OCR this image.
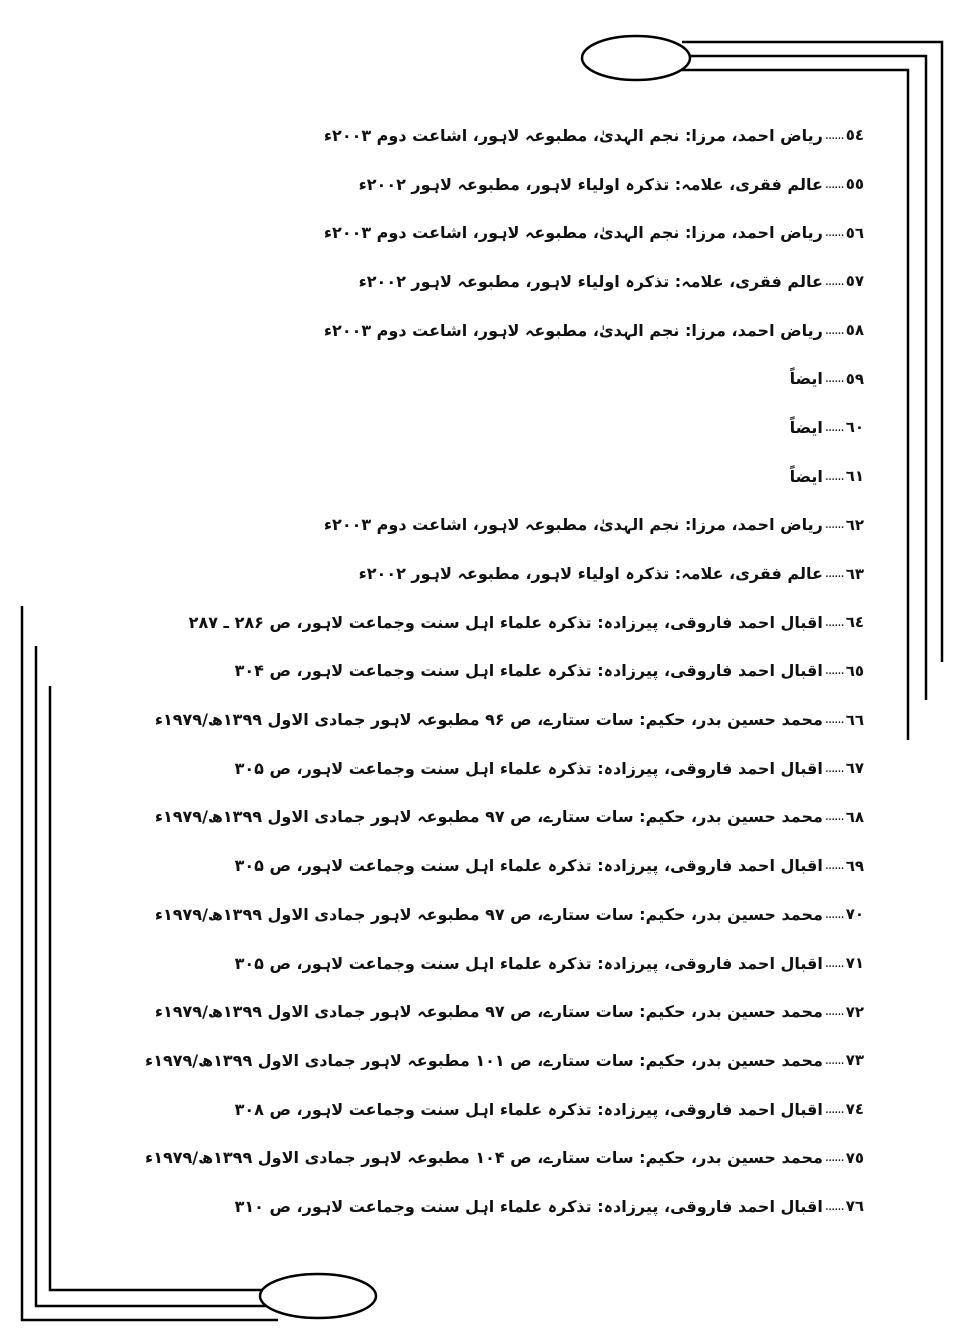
٥٤
......
ریاض احمد، مرزا: نجم الہدیٰ، مطبوعہ لاہور، اشاعت دوم ۲۰۰۳ء
٥٥
......
عالم فقری، علامہ: تذکرہ اولیاء لاہور، مطبوعہ لاہور ۲۰۰۲ء
٥٦
......
ریاض احمد، مرزا: نجم الہدیٰ، مطبوعہ لاہور، اشاعت دوم ۲۰۰۳ء
٥٧
......
عالم فقری، علامہ: تذکرہ اولیاء لاہور، مطبوعہ لاہور ۲۰۰۲ء
٥٨
......
ریاض احمد، مرزا: نجم الہدیٰ، مطبوعہ لاہور، اشاعت دوم ۲۰۰۳ء
٥٩
......
ایضاً
٦٠
......
ایضاً
٦١
......
ایضاً
٦٢
......
ریاض احمد، مرزا: نجم الہدیٰ، مطبوعہ لاہور، اشاعت دوم ۲۰۰۳ء
٦٣
......
عالم فقری، علامہ: تذکرہ اولیاء لاہور، مطبوعہ لاہور ۲۰۰۲ء
٦٤
......
اقبال احمد فاروقی، پیرزادہ: تذکرہ علماء اہل سنت وجماعت لاہور، ص ۲۸۶ ـ ۲۸۷
٦٥
......
اقبال احمد فاروقی، پیرزادہ: تذکرہ علماء اہل سنت وجماعت لاہور، ص ۳۰۴
٦٦
......
محمد حسین بدر، حکیم: سات ستارے، ص ۹۶ مطبوعہ لاہور جمادی الاول ۱۳۹۹ھ/۱۹۷۹ء
٦٧
......
اقبال احمد فاروقی، پیرزادہ: تذکرہ علماء اہل سنت وجماعت لاہور، ص ۳۰۵
٦٨
......
محمد حسین بدر، حکیم: سات ستارے، ص ۹۷ مطبوعہ لاہور جمادی الاول ۱۳۹۹ھ/۱۹۷۹ء
٦٩
......
اقبال احمد فاروقی، پیرزادہ: تذکرہ علماء اہل سنت وجماعت لاہور، ص ۳۰۵
٧٠
......
محمد حسین بدر، حکیم: سات ستارے، ص ۹۷ مطبوعہ لاہور جمادی الاول ۱۳۹۹ھ/۱۹۷۹ء
٧١
......
اقبال احمد فاروقی، پیرزادہ: تذکرہ علماء اہل سنت وجماعت لاہور، ص ۳۰۵
٧٢
......
محمد حسین بدر، حکیم: سات ستارے، ص ۹۷ مطبوعہ لاہور جمادی الاول ۱۳۹۹ھ/۱۹۷۹ء
٧٣
......
محمد حسین بدر، حکیم: سات ستارے، ص ۱۰۱ مطبوعہ لاہور جمادی الاول ۱۳۹۹ھ/۱۹۷۹ء
٧٤
......
اقبال احمد فاروقی، پیرزادہ: تذکرہ علماء اہل سنت وجماعت لاہور، ص ۳۰۸
٧٥
......
محمد حسین بدر، حکیم: سات ستارے، ص ۱۰۴ مطبوعہ لاہور جمادی الاول ۱۳۹۹ھ/۱۹۷۹ء
٧٦
......
اقبال احمد فاروقی، پیرزادہ: تذکرہ علماء اہل سنت وجماعت لاہور، ص ۳۱۰
